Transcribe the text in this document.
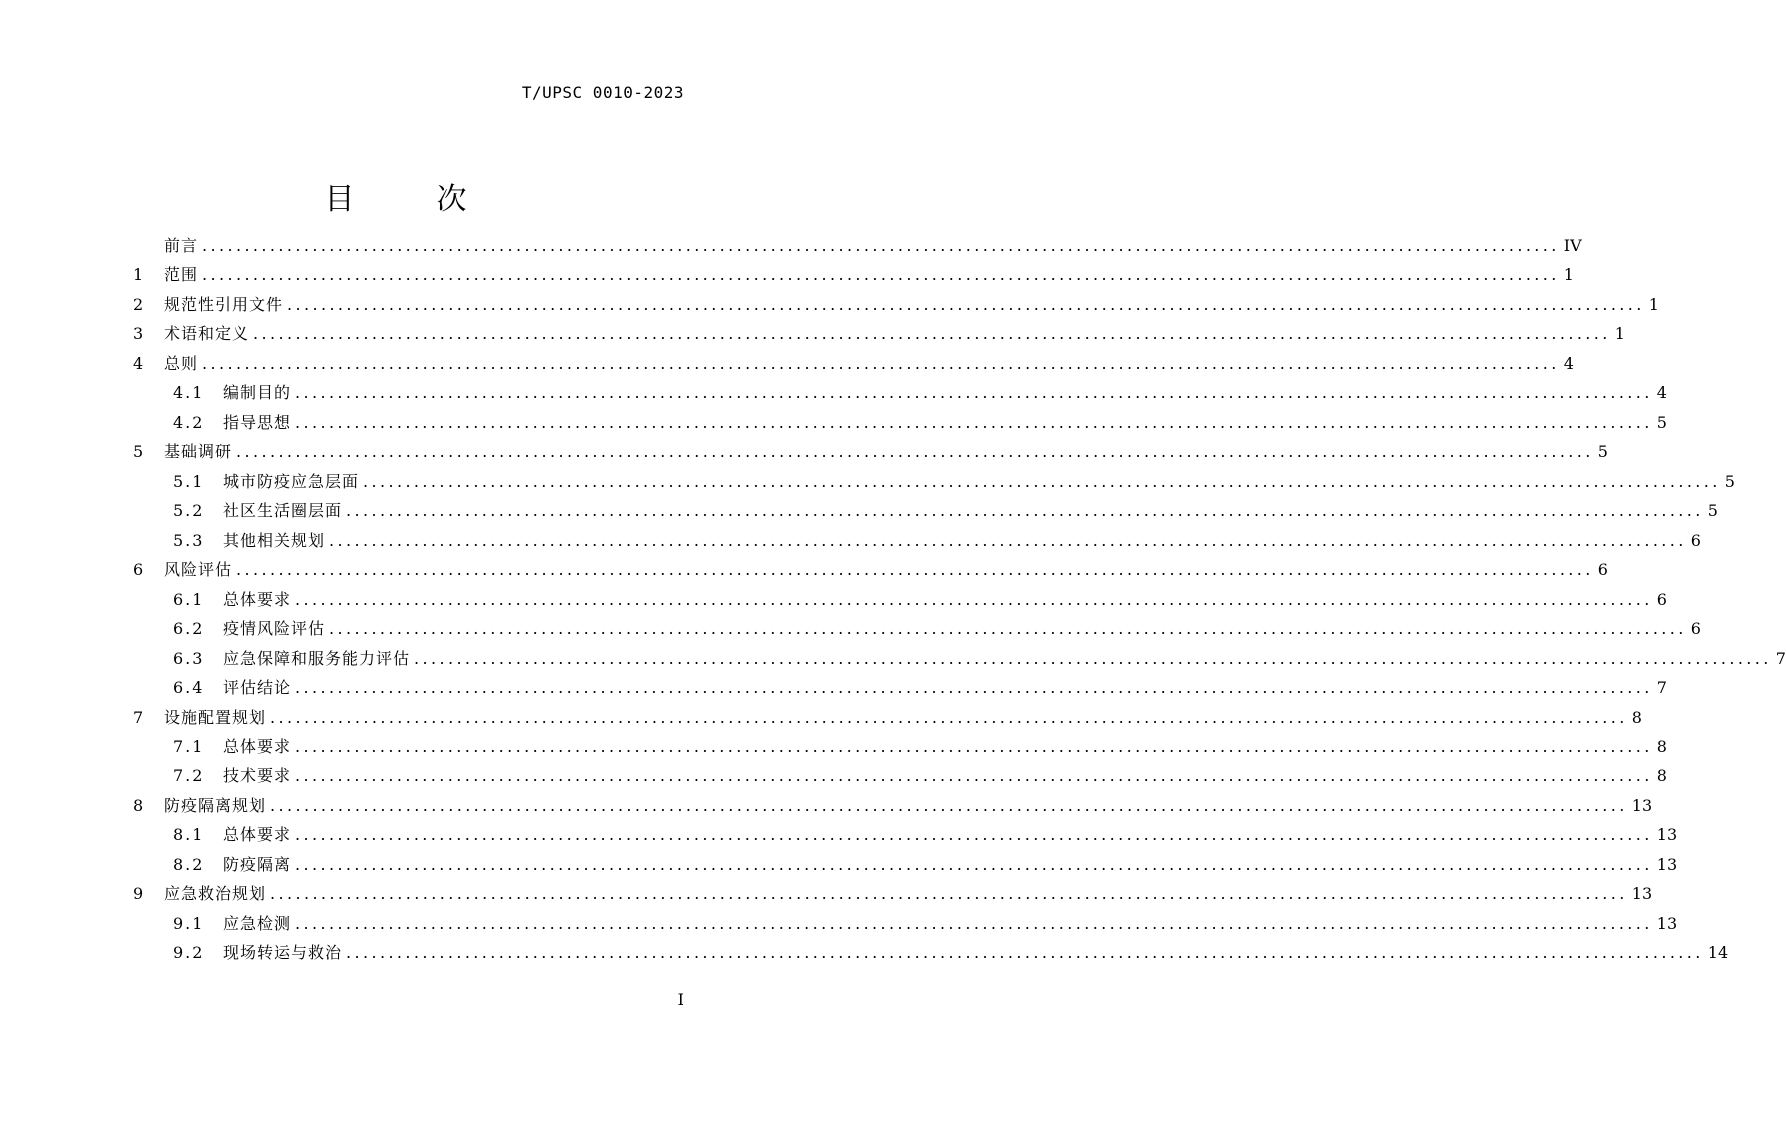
T/UPSC 0010-2023
目　次
前言 ................................................................................................................................................................ IV
1	范围 ................................................................................................................................................................ 1
2	规范性引用文件 ................................................................................................................................................................ 1
3	术语和定义 ................................................................................................................................................................ 1
4	总则 ................................................................................................................................................................ 4
4.1	编制目的 ................................................................................................................................................................ 4
4.2	指导思想 ................................................................................................................................................................ 5
5	基础调研 ................................................................................................................................................................ 5
5.1	城市防疫应急层面 ................................................................................................................................................................ 5
5.2	社区生活圈层面 ................................................................................................................................................................ 5
5.3	其他相关规划 ................................................................................................................................................................ 6
6	风险评估 ................................................................................................................................................................ 6
6.1	总体要求 ................................................................................................................................................................ 6
6.2	疫情风险评估 ................................................................................................................................................................ 6
6.3	应急保障和服务能力评估 ................................................................................................................................................................ 7
6.4	评估结论 ................................................................................................................................................................ 7
7	设施配置规划 ................................................................................................................................................................ 8
7.1	总体要求 ................................................................................................................................................................ 8
7.2	技术要求 ................................................................................................................................................................ 8
8	防疫隔离规划 ................................................................................................................................................................ 13
8.1	总体要求 ................................................................................................................................................................ 13
8.2	防疫隔离 ................................................................................................................................................................ 13
9	应急救治规划 ................................................................................................................................................................ 13
9.1	应急检测 ................................................................................................................................................................ 13
9.2	现场转运与救治 ................................................................................................................................................................ 14
I
